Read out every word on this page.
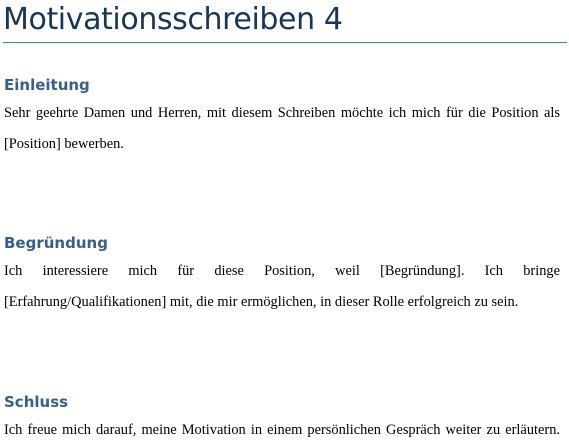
Motivationsschreiben 4
Einleitung

Sehr geehrte Damen und Herren, mit diesem Schreiben möchte ich mich für die Position als [Position] bewerben.

Begründung

Ich interessiere mich für diese Position, weil [Begründung]. Ich bringe [Erfahrung/Qualifikationen] mit, die mir ermöglichen, in dieser Rolle erfolgreich zu sein.

Schluss

Ich freue mich darauf, meine Motivation in einem persönlichen Gespräch weiter zu erläutern.
